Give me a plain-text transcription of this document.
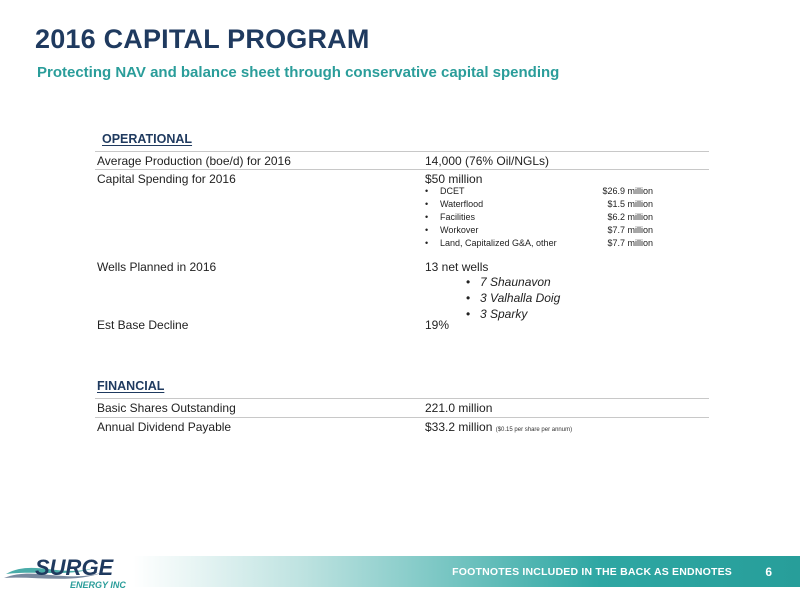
2016 CAPITAL PROGRAM
Protecting NAV and balance sheet through conservative capital spending
OPERATIONAL
Average Production (boe/d) for 2016	14,000 (76% Oil/NGLs)
Capital Spending for 2016	$50 million
• DCET	$26.9 million
• Waterflood	$1.5 million
• Facilities	$6.2 million
• Workover	$7.7 million
• Land, Capitalized G&A, other	$7.7 million
Wells Planned in 2016	13 net wells
• 7 Shaunavon
• 3 Valhalla Doig
• 3 Sparky
Est Base Decline	19%
FINANCIAL
Basic Shares Outstanding	221.0 million
Annual Dividend Payable	$33.2 million ($0.15 per share per annum)
SURGE
ENERGY INC
FOOTNOTES INCLUDED IN THE BACK AS ENDNOTES	6
